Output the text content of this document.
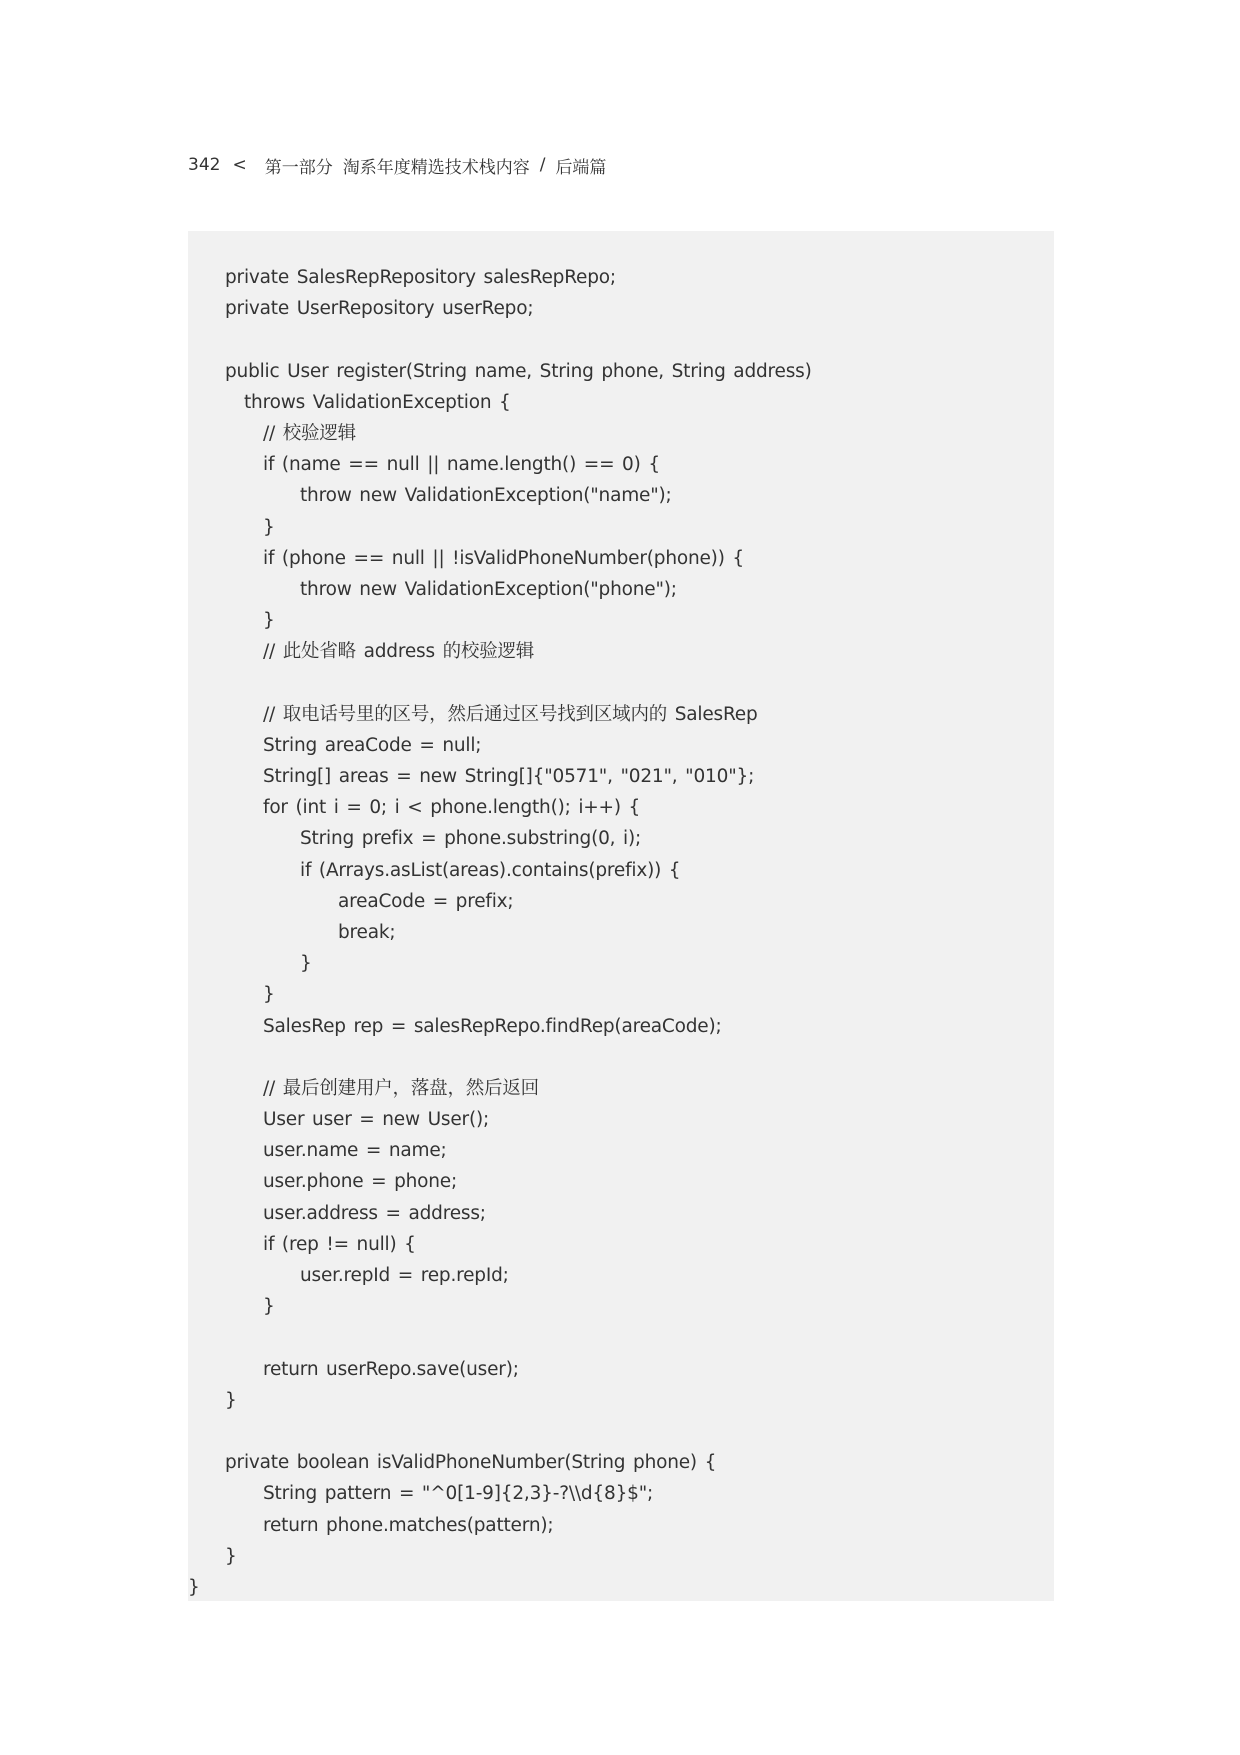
342 < 第一部分 淘系年度精选技术栈内容 / 后端篇
private SalesRepRepository salesRepRepo;
private UserRepository userRepo;
public User register(String name, String phone, String address)
throws ValidationException {
// 校验逻辑
if (name == null || name.length() == 0) {
throw new ValidationException("name");
}
if (phone == null || !isValidPhoneNumber(phone)) {
throw new ValidationException("phone");
}
// 此处省略 address 的校验逻辑
// 取电话号里的区号，然后通过区号找到区域内的 SalesRep
String areaCode = null;
String[] areas = new String[]{"0571", "021", "010"};
for (int i = 0; i < phone.length(); i++) {
String prefix = phone.substring(0, i);
if (Arrays.asList(areas).contains(prefix)) {
areaCode = prefix;
break;
}
}
SalesRep rep = salesRepRepo.findRep(areaCode);
// 最后创建用户，落盘，然后返回
User user = new User();
user.name = name;
user.phone = phone;
user.address = address;
if (rep != null) {
user.repId = rep.repId;
}
return userRepo.save(user);
}
private boolean isValidPhoneNumber(String phone) {
String pattern = "^0[1-9]{2,3}-?\\d{8}$";
return phone.matches(pattern);
}
}
